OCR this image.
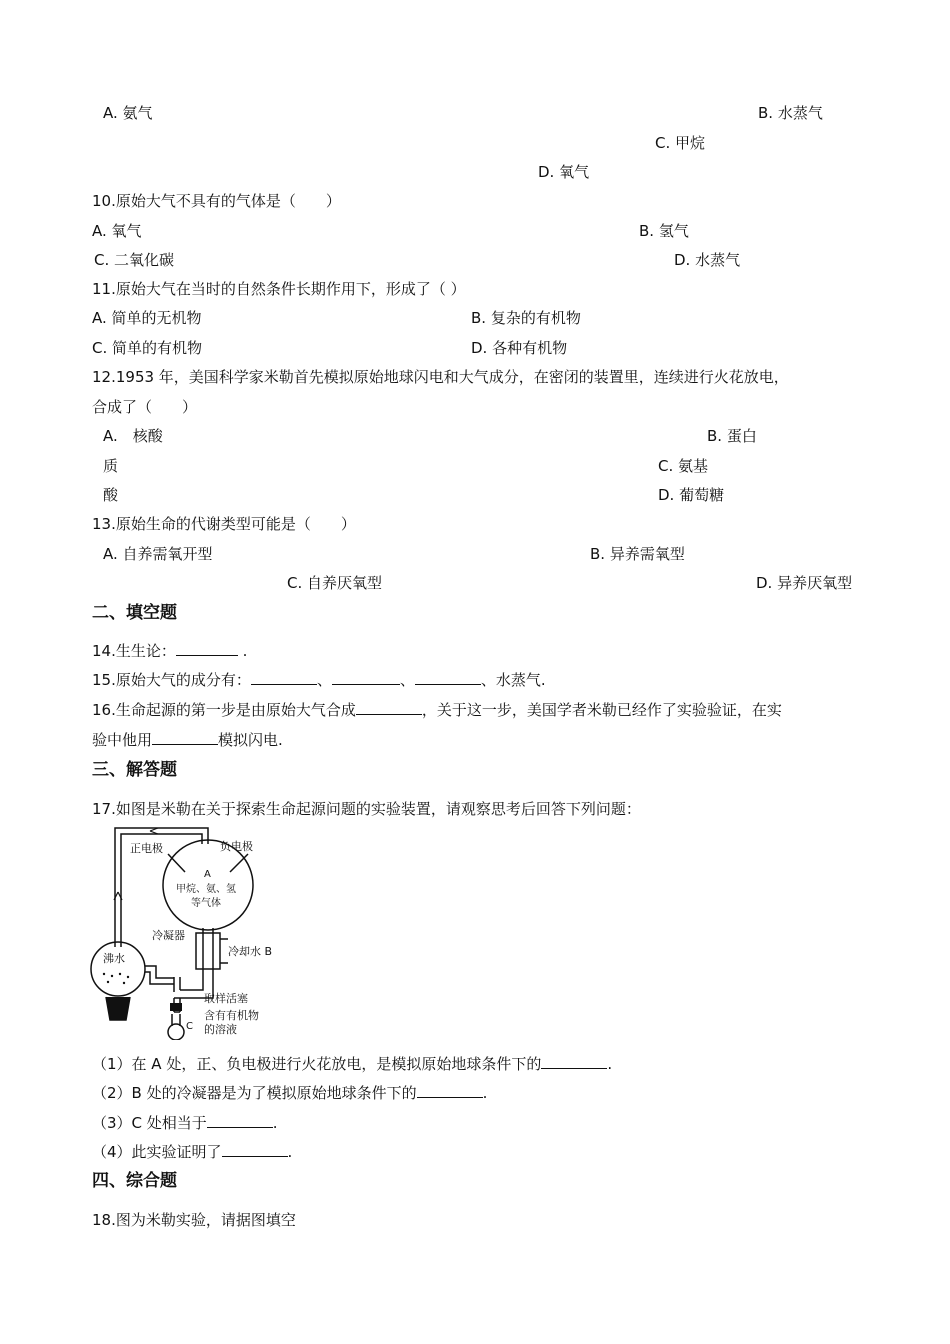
A. 氨气	B. 水蒸气
C. 甲烷
D. 氧气
10.原始大气不具有的气体是（　　）
A. 氧气	B. 氢气
C. 二氧化碳	D. 水蒸气
11.原始大气在当时的自然条件长期作用下，形成了（ ）
A. 简单的无机物	B. 复杂的有机物
C. 简单的有机物	D. 各种有机物
12.1953 年，美国科学家米勒首先模拟原始地球闪电和大气成分，在密闭的装置里，连续进行火花放电，
合成了（　　）
A.　核酸	B. 蛋白
质	C. 氨基
酸	D. 葡萄糖
13.原始生命的代谢类型可能是（　　）
A. 自养需氧开型	B. 异养需氧型
C. 自养厌氧型	D. 异养厌氧型
二、填空题
14.生生论：	.
15.原始大气的成分有：	、	、	、水蒸气.
16.生命起源的第一步是由原始大气合成	，关于这一步，美国学者米勒已经作了实验验证，在实
验中他用	模拟闪电.
三、解答题
17.如图是米勒在关于探索生命起源问题的实验装置，请观察思考后回答下列问题：
正电极	负电极
A
甲烷、氨、氢
等气体
冷凝器
冷却水 B
沸水
取样活塞
含有有机物
C 的溶液
（1）在 A 处，正、负电极进行火花放电，是模拟原始地球条件下的	.
（2）B 处的冷凝器是为了模拟原始地球条件下的	.
（3）C 处相当于	.
（4）此实验证明了	.
四、综合题
18.图为米勒实验，请据图填空
